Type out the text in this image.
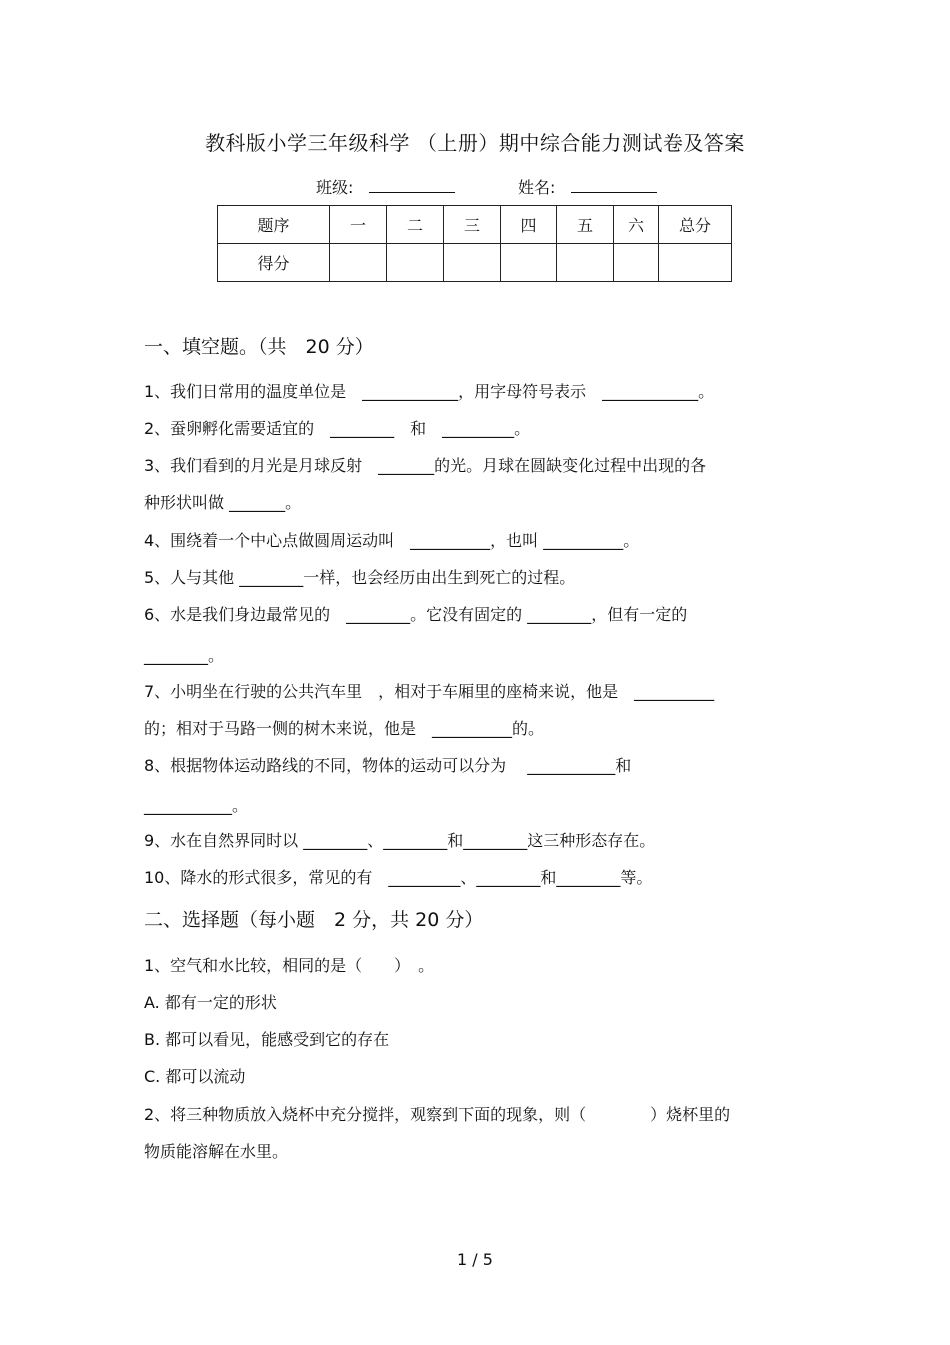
教科版小学三年级科学 （上册）期中综合能力测试卷及答案
班级:	姓名:
题序	一	二	三	四	五	六	总分
得分							
一、填空题。（共　20 分）
1、我们日常用的温度单位是　____________，用字母符号表示　____________。
2、蚕卵孵化需要适宜的　________　和　_________。
3、我们看到的月光是月球反射　_______的光。月球在圆缺变化过程中出现的各
种形状叫做 _______。
4、围绕着一个中心点做圆周运动叫　__________，也叫 __________。
5、人与其他 ________一样，也会经历由出生到死亡的过程。
6、水是我们身边最常见的　________。它没有固定的 ________，但有一定的
________。
7、小明坐在行驶的公共汽车里　，相对于车厢里的座椅来说，他是　__________
的；相对于马路一侧的树木来说，他是　__________的。
8、根据物体运动路线的不同，物体的运动可以分为　 ___________和
___________。
9、水在自然界同时以 ________、________和________这三种形态存在。
10、降水的形式很多，常见的有　_________、________和________等。
二、选择题（每小题　2 分，共 20 分）
1、空气和水比较，相同的是（　　）　。
A. 都有一定的形状
B. 都可以看见，能感受到它的存在
C. 都可以流动
2、将三种物质放入烧杯中充分搅拌，观察到下面的现象，则（　　　　）烧杯里的
物质能溶解在水里。
1 / 5
